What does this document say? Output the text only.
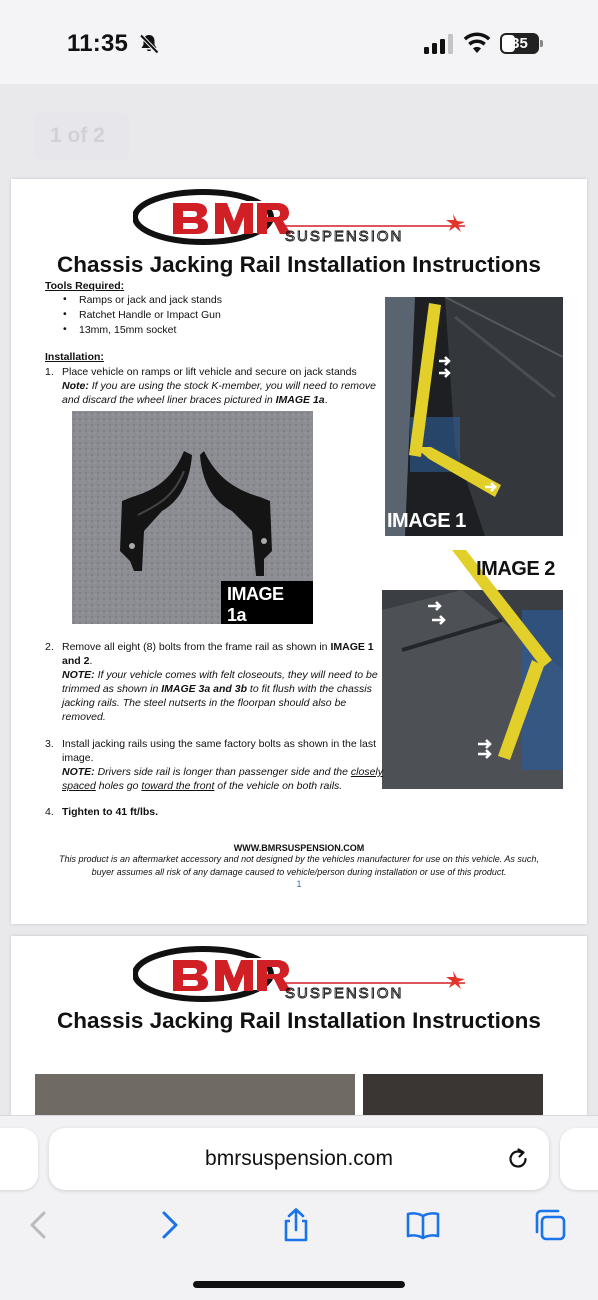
11:35	35
1 of 2
SUSPENSION
Chassis Jacking Rail Installation Instructions
Tools Required:
• Ramps or jack and jack stands
• Ratchet Handle or Impact Gun
• 13mm, 15mm socket
Installation:
1. Place vehicle on ramps or lift vehicle and secure on jack stands
Note: If you are using the stock K-member, you will need to remove and discard the wheel liner braces pictured in IMAGE 1a.
IMAGE 1a
IMAGE 1
IMAGE 2
2. Remove all eight (8) bolts from the frame rail as shown in IMAGE 1 and 2.
NOTE: If your vehicle comes with felt closeouts, they will need to be trimmed as shown in IMAGE 3a and 3b to fit flush with the chassis jacking rails. The steel nutserts in the floorpan should also be removed.
3. Install jacking rails using the same factory bolts as shown in the last image.
NOTE: Drivers side rail is longer than passenger side and the closely spaced holes go toward the front of the vehicle on both rails.
4. Tighten to 41 ft/lbs.
WWW.BMRSUSPENSION.COM
This product is an aftermarket accessory and not designed by the vehicles manufacturer for use on this vehicle. As such, buyer assumes all risk of any damage caused to vehicle/person during installation or use of this product.
1
SUSPENSION
Chassis Jacking Rail Installation Instructions
bmrsuspension.com
